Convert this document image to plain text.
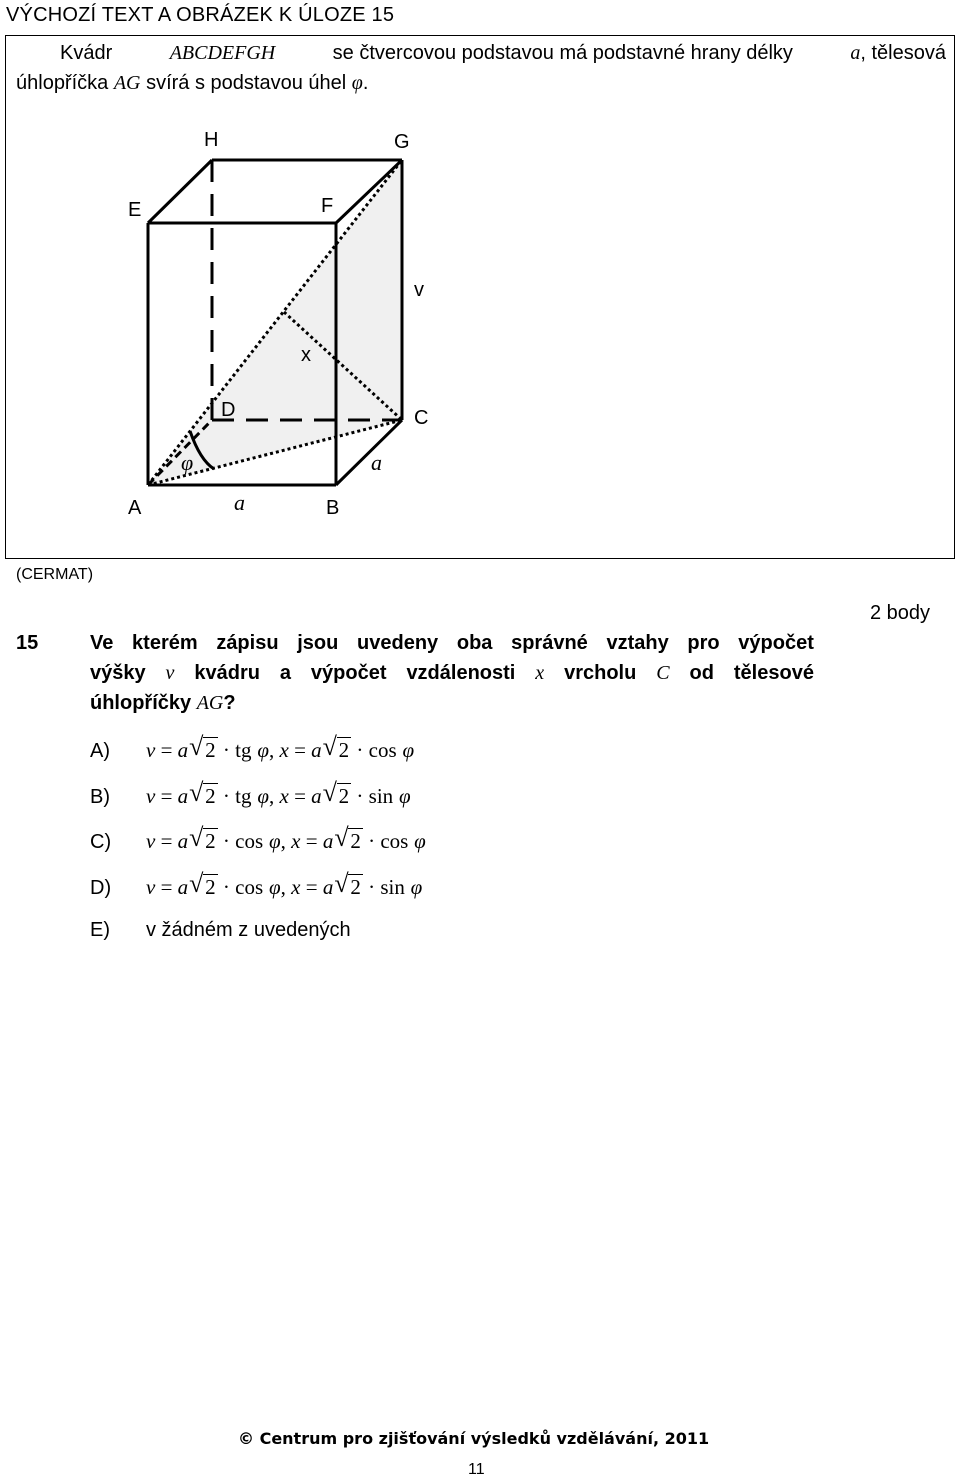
VÝCHOZÍ TEXT A OBRÁZEK K ÚLOZE 15
Kvádr	ABCDEFGH	se čtvercovou podstavou má podstavné hrany délky	a, tělesová
úhlopříčka AG svírá s podstavou úhel φ.
H	G
E	F
v
x
D	C
φ	a
A	a	B
(CERMAT)
2 body
15	Ve kterém zápisu jsou uvedeny oba správné vztahy pro výpočet
výšky v kvádru a výpočet vzdálenosti x vrcholu C od tělesové
úhlopříčky AG?
A) v = a √ 2 · tg φ, x = a √ 2 · cos φ
B) v = a √ 2 · tg φ, x = a √ 2 · sin φ
C) v = a √ 2 · cos φ, x = a √ 2 · cos φ
D) v = a √ 2 · cos φ, x = a √ 2 · sin φ
E) v žádném z uvedených
© Centrum pro zjišťování výsledků vzdělávání, 2011
11
